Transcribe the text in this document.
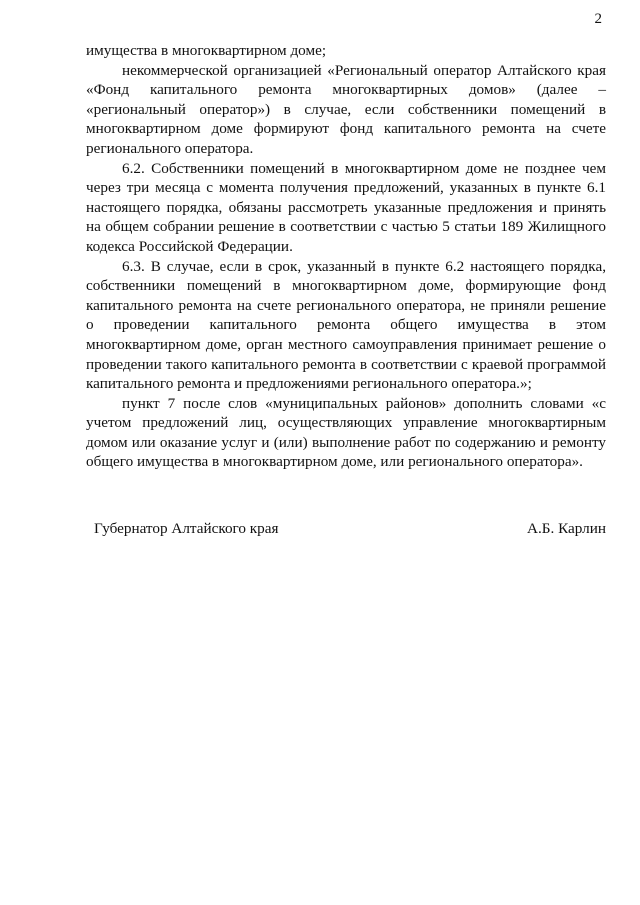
2

имущества в многоквартирном доме;

некоммерческой организацией «Региональный оператор Алтайского края «Фонд капитального ремонта многоквартирных домов» (далее – «региональный оператор») в случае, если собственники помещений в многоквартирном доме формируют фонд капитального ремонта на счете регионального оператора.

6.2. Собственники помещений в многоквартирном доме не позднее чем через три месяца с момента получения предложений, указанных в пункте 6.1 настоящего порядка, обязаны рассмотреть указанные предложения и принять на общем собрании решение в соответствии с частью 5 статьи 189 Жилищного кодекса Российской Федерации.

6.3. В случае, если в срок, указанный в пункте 6.2 настоящего порядка, собственники помещений в многоквартирном доме, формирующие фонд капитального ремонта на счете регионального оператора, не приняли решение о проведении капитального ремонта общего имущества в этом многоквартирном доме, орган местного самоуправления принимает решение о проведении такого капитального ремонта в соответствии с краевой программой капитального ремонта и предложениями регионального оператора.»;

пункт 7 после слов «муниципальных районов» дополнить словами «с учетом предложений лиц, осуществляющих управление многоквартирным домом или оказание услуг и (или) выполнение работ по содержанию и ремонту общего имущества в многоквартирном доме, или регионального оператора».

Губернатор Алтайского края	А.Б. Карлин
